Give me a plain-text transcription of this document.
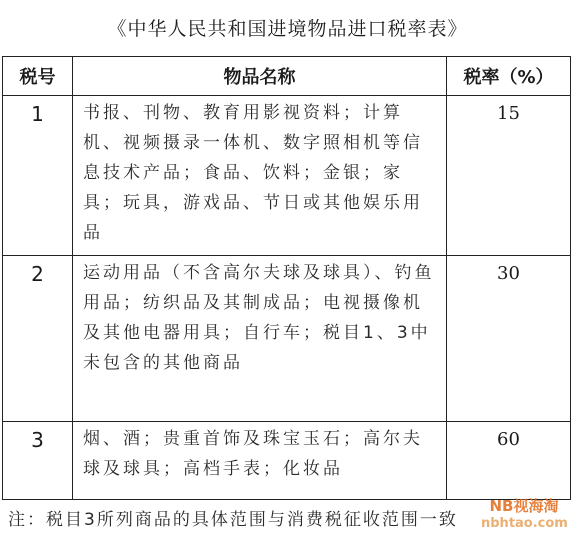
《中华人民共和国进境物品进口税率表》
税号	物品名称	税率（%）
1	书报、刊物、教育用影视资料；计算机、视频摄录一体机、数字照相机等信息技术产品；食品、饮料；金银；家具；玩具，游戏品、节日或其他娱乐用品	15
2	运动用品（不含高尔夫球及球具）、钓鱼用品；纺织品及其制成品；电视摄像机及其他电器用具；自行车；税目1、3中未包含的其他商品	30
3	烟、酒；贵重首饰及珠宝玉石；高尔夫球及球具；高档手表；化妆品	60
注：税目3所列商品的具体范围与消费税征收范围一致
NB视海淘
nbhtao.com
